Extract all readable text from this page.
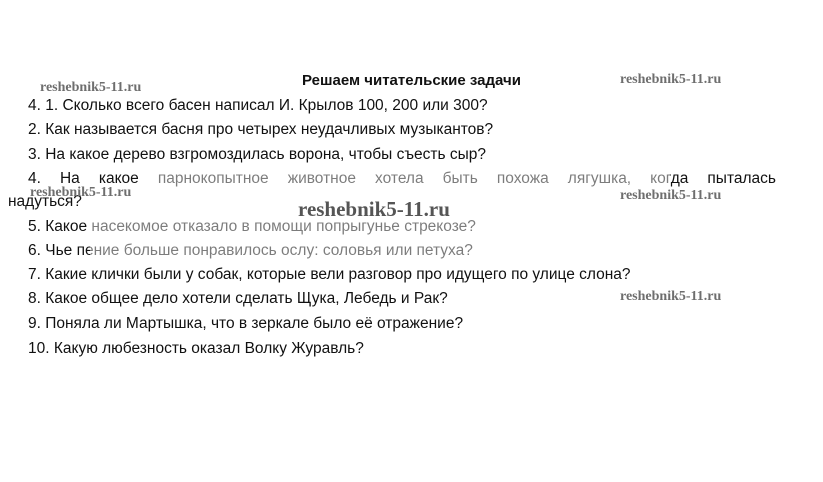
Решаем читательские задачи
4. 1. Сколько всего басен написал И. Крылов 100, 200 или 300?
2. Как называется басня про четырех неудачливых музыкантов?
3. На какое дерево взгромоздилась ворона, чтобы съесть сыр?
4. На какое парнокопытное животное хотела быть похожа лягушка, когда пыталась
надуться?
5. Какое насекомое отказало в помощи попрыгунье стрекозе?
6. Чье пение больше понравилось ослу: соловья или петуха?
7. Какие клички были у собак, которые вели разговор про идущего по улице слона?
8. Какое общее дело хотели сделать Щука, Лебедь и Рак?
9. Поняла ли Мартышка, что в зеркале было её отражение?
10. Какую любезность оказал Волку Журавль?
reshebnik5-11.ru
reshebnik5-11.ru
reshebnik5-11.ru	reshebnik5-11.ru
reshebnik5-11.ru
reshebnik5-11.ru
